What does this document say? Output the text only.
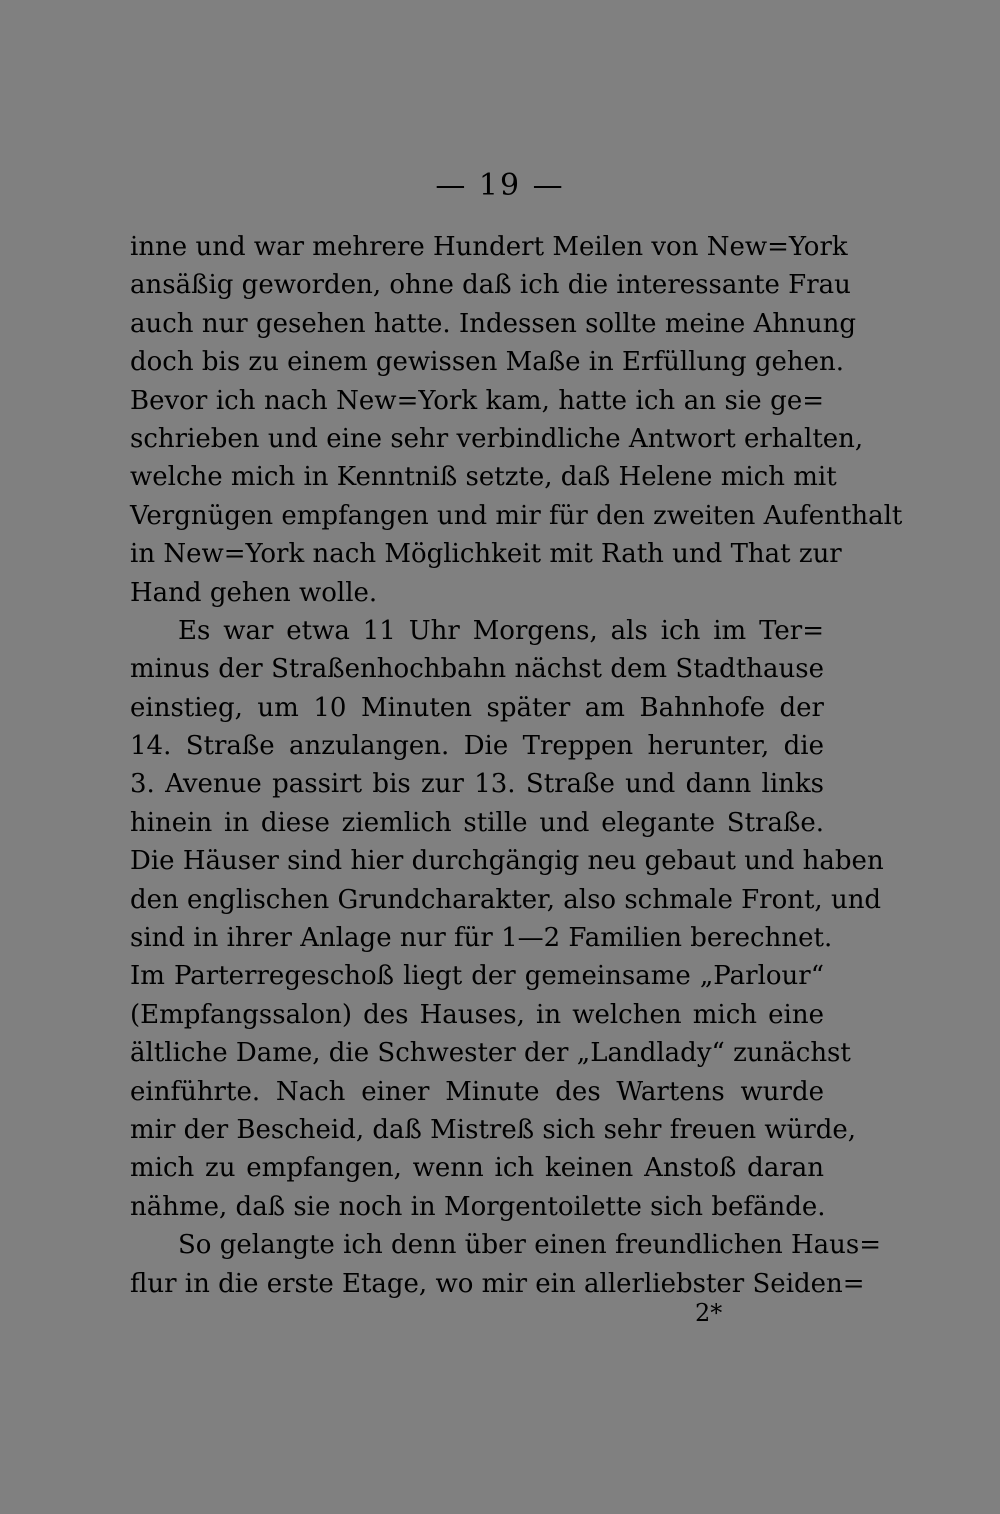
— 19 —
inne und war mehrere Hundert Meilen von New=York
ansäßig geworden, ohne daß ich die interessante Frau
auch nur gesehen hatte. Indessen sollte meine Ahnung
doch bis zu einem gewissen Maße in Erfüllung gehen.
Bevor ich nach New=York kam, hatte ich an sie ge=
schrieben und eine sehr verbindliche Antwort erhalten,
welche mich in Kenntniß setzte, daß Helene mich mit
Vergnügen empfangen und mir für den zweiten Aufenthalt
in New=York nach Möglichkeit mit Rath und That zur
Hand gehen wolle.
Es war etwa 11 Uhr Morgens, als ich im Ter=
minus der Straßenhochbahn nächst dem Stadthause
einstieg, um 10 Minuten später am Bahnhofe der
14. Straße anzulangen. Die Treppen herunter, die
3. Avenue passirt bis zur 13. Straße und dann links
hinein in diese ziemlich stille und elegante Straße.
Die Häuser sind hier durchgängig neu gebaut und haben
den englischen Grundcharakter, also schmale Front, und
sind in ihrer Anlage nur für 1—2 Familien berechnet.
Im Parterregeschoß liegt der gemeinsame „Parlour“
(Empfangssalon) des Hauses, in welchen mich eine
ältliche Dame, die Schwester der „Landlady“ zunächst
einführte. Nach einer Minute des Wartens wurde
mir der Bescheid, daß Mistreß sich sehr freuen würde,
mich zu empfangen, wenn ich keinen Anstoß daran
nähme, daß sie noch in Morgentoilette sich befände.
So gelangte ich denn über einen freundlichen Haus=
flur in die erste Etage, wo mir ein allerliebster Seiden=
2*
